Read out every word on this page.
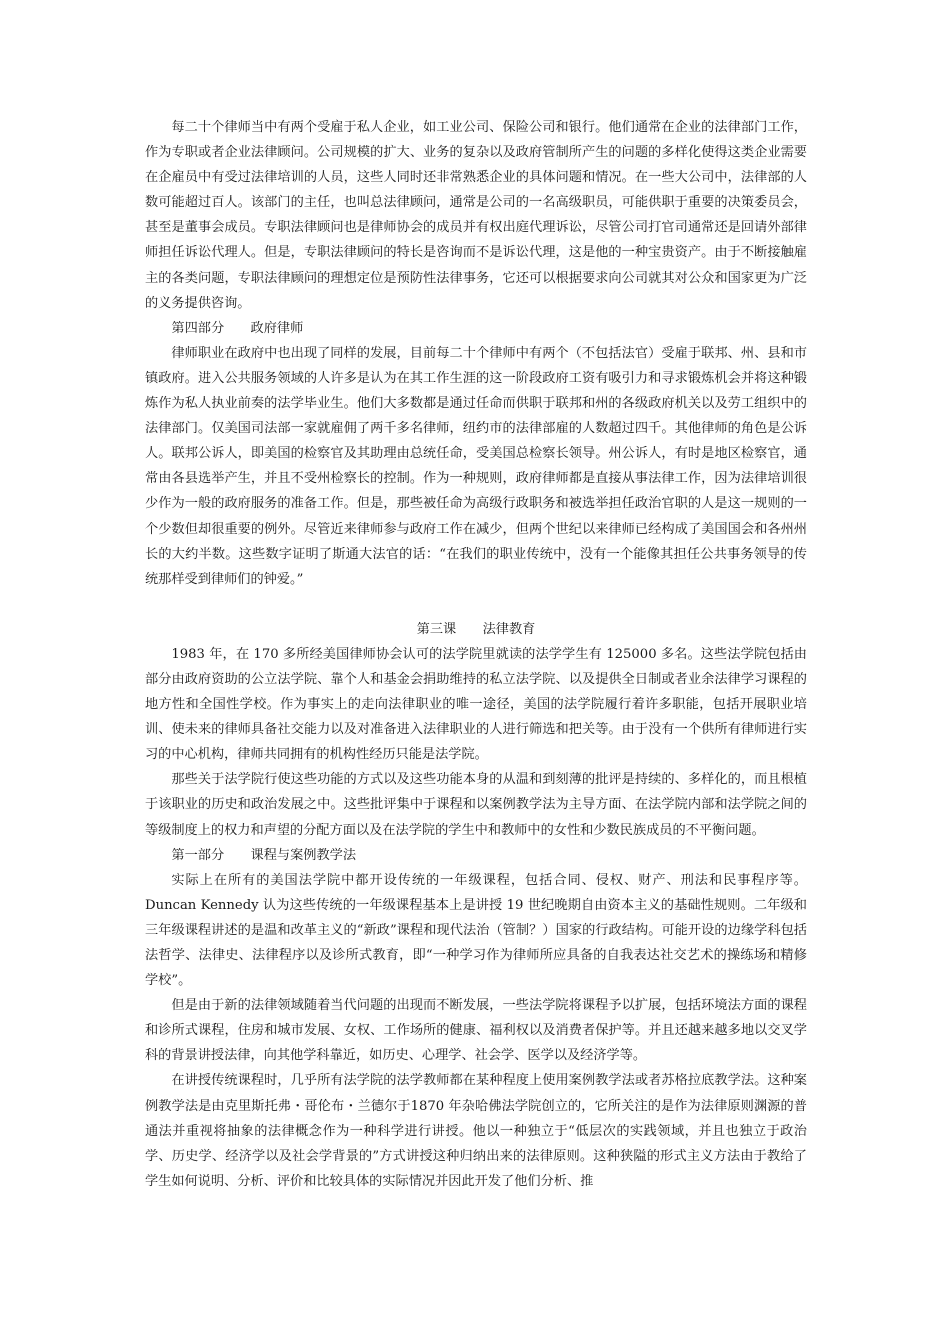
每二十个律师当中有两个受雇于私人企业，如工业公司、保险公司和银行。他们通常在企业的法律部门工作，作为专职或者企业法律顾问。公司规模的扩大、业务的复杂以及政府管制所产生的问题的多样化使得这类企业需要在企雇员中有受过法律培训的人员，这些人同时还非常熟悉企业的具体问题和情况。在一些大公司中，法律部的人数可能超过百人。该部门的主任，也叫总法律顾问，通常是公司的一名高级职员，可能供职于重要的决策委员会，甚至是董事会成员。专职法律顾问也是律师协会的成员并有权出庭代理诉讼，尽管公司打官司通常还是回请外部律师担任诉讼代理人。但是，专职法律顾问的特长是咨询而不是诉讼代理，这是他的一种宝贵资产。由于不断接触雇主的各类问题，专职法律顾问的理想定位是预防性法律事务，它还可以根据要求向公司就其对公众和国家更为广泛的义务提供咨询。

第四部分 政府律师

律师职业在政府中也出现了同样的发展，目前每二十个律师中有两个（不包括法官）受雇于联邦、州、县和市镇政府。进入公共服务领域的人许多是认为在其工作生涯的这一阶段政府工资有吸引力和寻求锻炼机会并将这种锻炼作为私人执业前奏的法学毕业生。他们大多数都是通过任命而供职于联邦和州的各级政府机关以及劳工组织中的法律部门。仅美国司法部一家就雇佣了两千多名律师，纽约市的法律部雇的人数超过四千。其他律师的角色是公诉人。联邦公诉人，即美国的检察官及其助理由总统任命，受美国总检察长领导。州公诉人，有时是地区检察官，通常由各县选举产生，并且不受州检察长的控制。作为一种规则，政府律师都是直接从事法律工作，因为法律培训很少作为一般的政府服务的准备工作。但是，那些被任命为高级行政职务和被选举担任政治官职的人是这一规则的一个少数但却很重要的例外。尽管近来律师参与政府工作在减少，但两个世纪以来律师已经构成了美国国会和各州州长的大约半数。这些数字证明了斯通大法官的话：“在我们的职业传统中，没有一个能像其担任公共事务领导的传统那样受到律师们的钟爱。”

第三课 法律教育

1983 年，在 170 多所经美国律师协会认可的法学院里就读的法学学生有 125000 多名。这些法学院包括由部分由政府资助的公立法学院、靠个人和基金会捐助维持的私立法学院、以及提供全日制或者业余法律学习课程的地方性和全国性学校。作为事实上的走向法律职业的唯一途径，美国的法学院履行着许多职能，包括开展职业培训、使未来的律师具备社交能力以及对准备进入法律职业的人进行筛选和把关等。由于没有一个供所有律师进行实习的中心机构，律师共同拥有的机构性经历只能是法学院。

那些关于法学院行使这些功能的方式以及这些功能本身的从温和到刻薄的批评是持续的、多样化的，而且根植于该职业的历史和政治发展之中。这些批评集中于课程和以案例教学法为主导方面、在法学院内部和法学院之间的等级制度上的权力和声望的分配方面以及在法学院的学生中和教师中的女性和少数民族成员的不平衡问题。

第一部分 课程与案例教学法

实际上在所有的美国法学院中都开设传统的一年级课程，包括合同、侵权、财产、刑法和民事程序等。Duncan Kennedy 认为这些传统的一年级课程基本上是讲授 19 世纪晚期自由资本主义的基础性规则。二年级和三年级课程讲述的是温和改革主义的“新政”课程和现代法治（管制？）国家的行政结构。可能开设的边缘学科包括法哲学、法律史、法律程序以及诊所式教育，即“一种学习作为律师所应具备的自我表达社交艺术的操练场和精修学校”。

但是由于新的法律领域随着当代问题的出现而不断发展，一些法学院将课程予以扩展，包括环境法方面的课程和诊所式课程，住房和城市发展、女权、工作场所的健康、福利权以及消费者保护等。并且还越来越多地以交叉学科的背景讲授法律，向其他学科靠近，如历史、心理学、社会学、医学以及经济学等。

在讲授传统课程时，几乎所有法学院的法学教师都在某种程度上使用案例教学法或者苏格拉底教学法。这种案例教学法是由克里斯托弗・哥伦布・兰德尔于1870 年杂哈佛法学院创立的，它所关注的是作为法律原则渊源的普通法并重视将抽象的法律概念作为一种科学进行讲授。他以一种独立于“低层次的实践领域，并且也独立于政治学、历史学、经济学以及社会学背景的”方式讲授这种归纳出来的法律原则。这种狭隘的形式主义方法由于教给了学生如何说明、分析、评价和比较具体的实际情况并因此开发了他们分析、推
